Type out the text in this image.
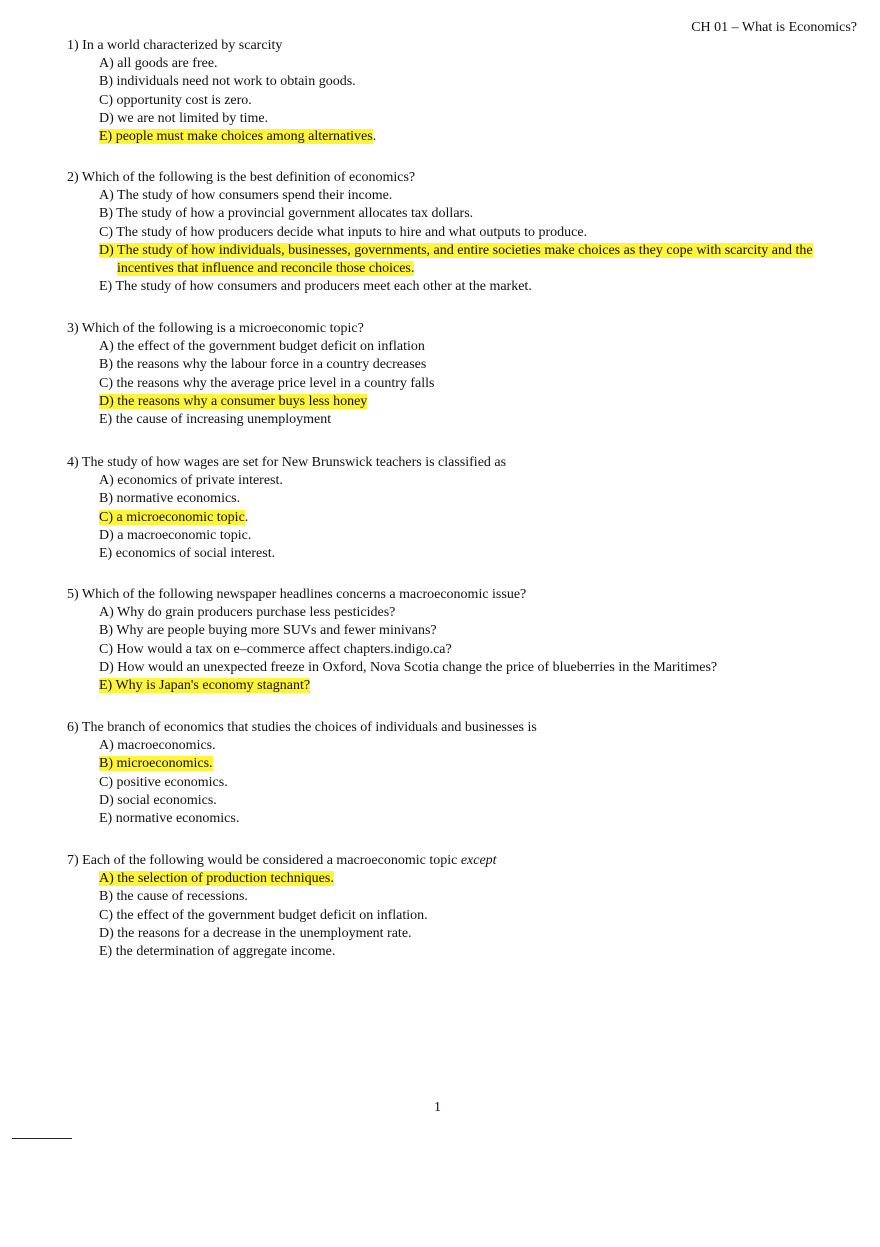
CH 01 – What is Economics?
1) In a world characterized by scarcity
A) all goods are free.
B) individuals need not work to obtain goods.
C) opportunity cost is zero.
D) we are not limited by time.
E) people must make choices among alternatives.
2) Which of the following is the best definition of economics?
A) The study of how consumers spend their income.
B) The study of how a provincial government allocates tax dollars.
C) The study of how producers decide what inputs to hire and what outputs to produce.
D) The study of how individuals, businesses, governments, and entire societies make choices as they cope with scarcity and the incentives that influence and reconcile those choices.
E) The study of how consumers and producers meet each other at the market.
3) Which of the following is a microeconomic topic?
A) the effect of the government budget deficit on inflation
B) the reasons why the labour force in a country decreases
C) the reasons why the average price level in a country falls
D) the reasons why a consumer buys less honey
E) the cause of increasing unemployment
4) The study of how wages are set for New Brunswick teachers is classified as
A) economics of private interest.
B) normative economics.
C) a microeconomic topic.
D) a macroeconomic topic.
E) economics of social interest.
5) Which of the following newspaper headlines concerns a macroeconomic issue?
A) Why do grain producers purchase less pesticides?
B) Why are people buying more SUVs and fewer minivans?
C) How would a tax on e–commerce affect chapters.indigo.ca?
D) How would an unexpected freeze in Oxford, Nova Scotia change the price of blueberries in the Maritimes?
E) Why is Japan's economy stagnant?
6) The branch of economics that studies the choices of individuals and businesses is
A) macroeconomics.
B) microeconomics.
C) positive economics.
D) social economics.
E) normative economics.
7) Each of the following would be considered a macroeconomic topic except
A) the selection of production techniques.
B) the cause of recessions.
C) the effect of the government budget deficit on inflation.
D) the reasons for a decrease in the unemployment rate.
E) the determination of aggregate income.
1
